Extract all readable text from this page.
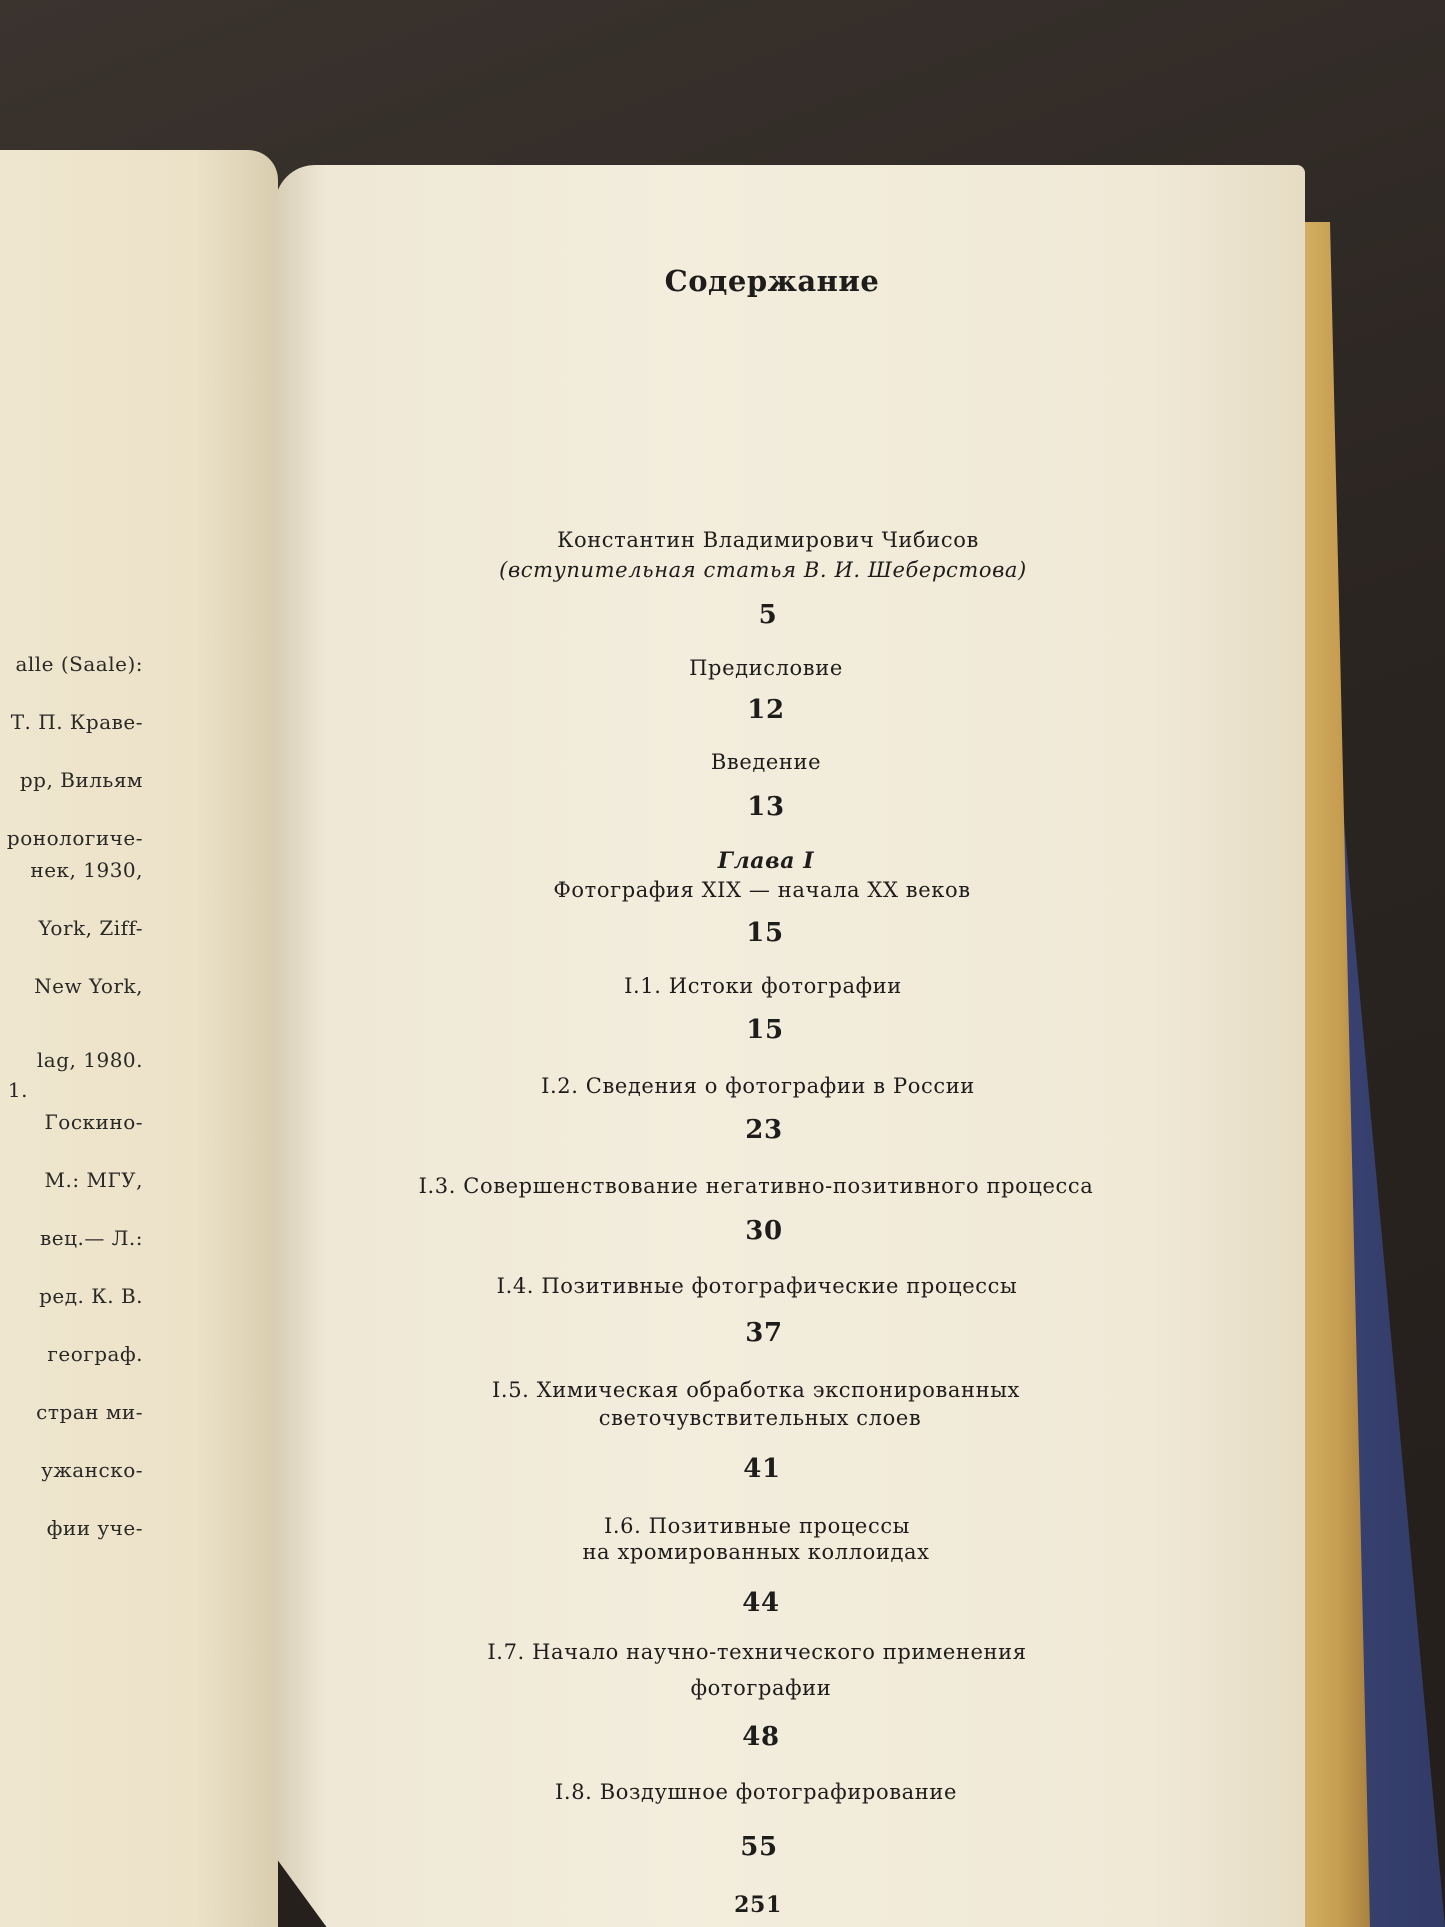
alle (Saale):
Т. П. Краве-
рр, Вильям
ронологиче-
нек, 1930,
York, Ziff-
New York,
lag, 1980.
1.
Госкино-
М.: МГУ,
вец.— Л.:
ред. К. В.
географ.
стран ми-
ужанско-
фии уче-
Содержание
Константин Владимирович Чибисов
(вступительная статья В. И. Шеберстова)
5
Предисловие
12
Введение
13
Глава I
Фотография XIX — начала XX веков
15
I.1. Истоки фотографии
15
I.2. Сведения о фотографии в России
23
I.3. Совершенствование негативно-позитивного процесса
30
I.4. Позитивные фотографические процессы
37
I.5. Химическая обработка экспонированных
светочувствительных слоев
41
I.6. Позитивные процессы
на хромированных коллоидах
44
I.7. Начало научно-технического применения
фотографии
48
I.8. Воздушное фотографирование
55
251
